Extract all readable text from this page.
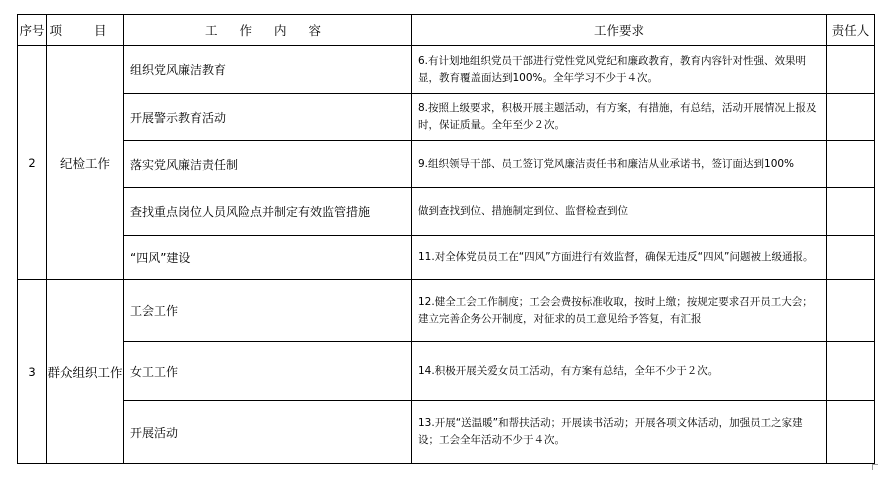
序号	项 目	工 作 内 容	工作要求	责任人
2	纪检工作	组织党风廉洁教育	6.有计划地组织党员干部进行党性党风党纪和廉政教育，教育内容针对性强、效果明显，教育覆盖面达到100%。全年学习不少于４次。	
		开展警示教育活动	8.按照上级要求，积极开展主题活动，有方案，有措施，有总结，活动开展情况上报及时，保证质量。全年至少２次。	
		落实党风廉洁责任制	9.组织领导干部、员工签订党风廉洁责任书和廉洁从业承诺书，签订面达到100%	
		查找重点岗位人员风险点并制定有效监管措施	做到查找到位、措施制定到位、监督检查到位	
		“四风”建设	11.对全体党员员工在“四风”方面进行有效监督，确保无违反“四风”问题被上级通报。	
3	群众组织工作	工会工作	12.健全工会工作制度；工会会费按标准收取，按时上缴；按规定要求召开员工大会；建立完善企务公开制度，对征求的员工意见给予答复，有汇报	
		女工工作	14.积极开展关爱女员工活动，有方案有总结，全年不少于２次。	
		开展活动	13.开展“送温暖”和帮扶活动；开展读书活动；开展各项文体活动，加强员工之家建设；工会全年活动不少于４次。	
